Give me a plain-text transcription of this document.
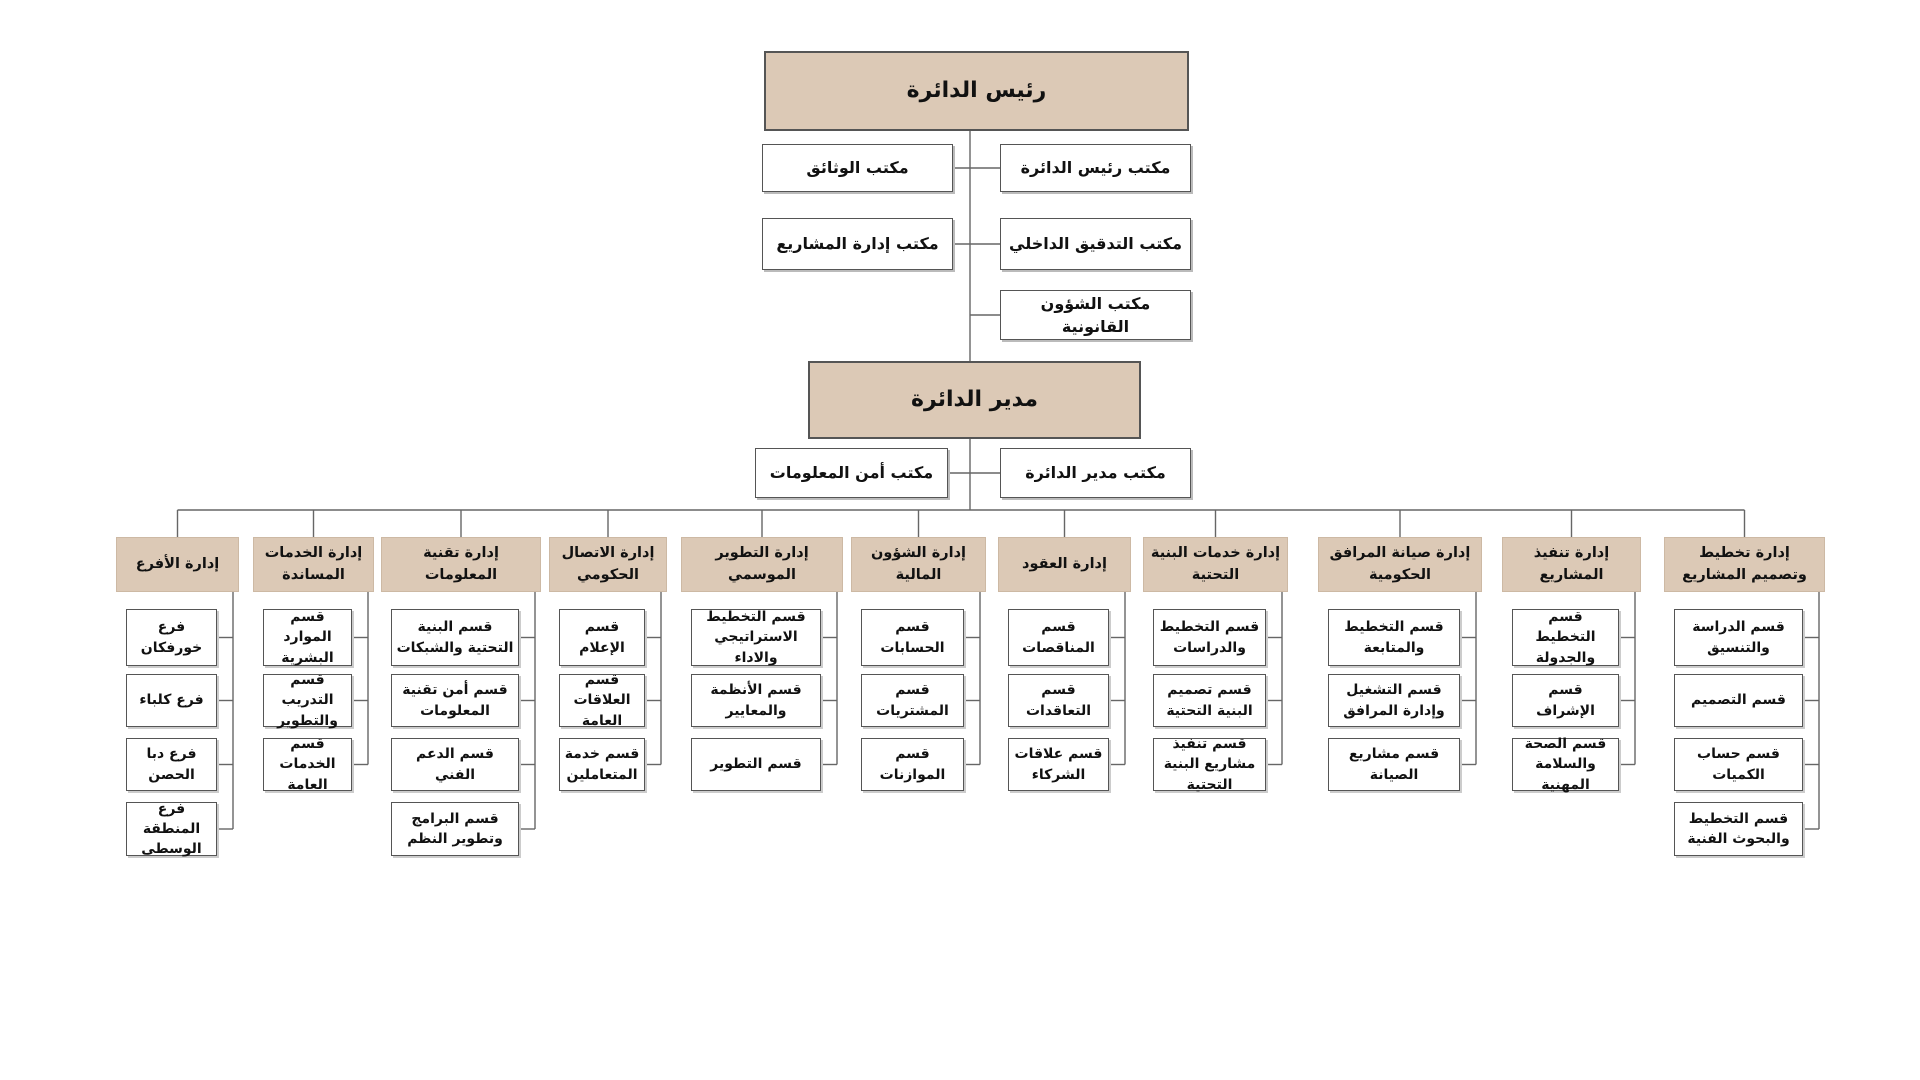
رئيس الدائرة
مكتب رئيس الدائرة
مكتب التدقيق الداخلي
مكتب الشؤون القانونية
مكتب الوثائق
مكتب إدارة المشاريع
مدير الدائرة
مكتب مدير الدائرة
مكتب أمن المعلومات
إدارة تخطيط وتصميم المشاريع
قسم الدراسة والتنسيق
قسم التصميم
قسم حساب الكميات
قسم التخطيط والبحوث الفنية
إدارة تنفيذ المشاريع
قسم التخطيط والجدولة
قسم الإشراف
قسم الصحة والسلامة المهنية
إدارة صيانة المرافق الحكومية
قسم التخطيط والمتابعة
قسم التشغيل وإدارة المرافق
قسم مشاريع الصيانة
إدارة خدمات البنية التحتية
قسم التخطيط والدراسات
قسم تصميم البنية التحتية
قسم تنفيذ مشاريع البنية التحتية
إدارة العقود
قسم المناقصات
قسم التعاقدات
قسم علاقات الشركاء
إدارة الشؤون المالية
قسم الحسابات
قسم المشتريات
قسم الموازنات
إدارة التطوير الموسمي
قسم التخطيط الاستراتيجي والاداء
قسم الأنظمة والمعايير
قسم التطوير
إدارة الاتصال الحكومي
قسم الإعلام
قسم العلاقات العامة
قسم خدمة المتعاملين
إدارة تقنية المعلومات
قسم البنية التحتية والشبكات
قسم أمن تقنية المعلومات
قسم الدعم الفني
قسم البرامج وتطوير النظم
إدارة الخدمات المساندة
قسم الموارد البشرية
قسم التدريب والتطوير
قسم الخدمات العامة
إدارة الأفرع
فرع خورفكان
فرع كلباء
فرع دبا الحصن
فرع المنطقة الوسطى
